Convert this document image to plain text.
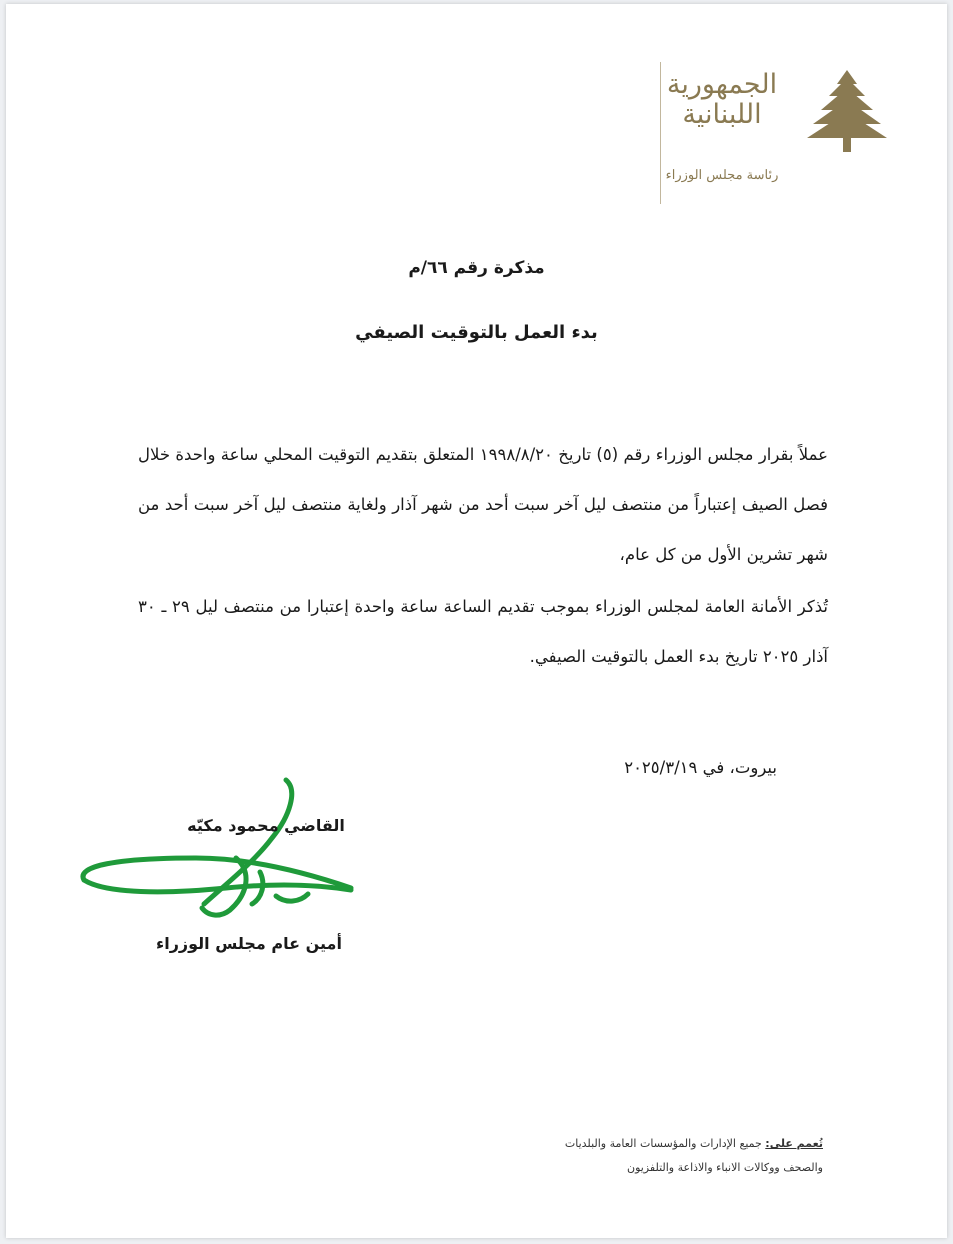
الجمهورية
اللبنانية
رئاسة مجلس الوزراء
مذكرة رقم ٦٦/م
بدء العمل بالتوقيت الصيفي
عملاً بقرار مجلس الوزراء رقم (٥) تاريخ ١٩٩٨/٨/٢٠ المتعلق بتقديم التوقيت المحلي ساعة واحدة خلال فصل الصيف إعتباراً من منتصف ليل آخر سبت أحد من شهر آذار ولغاية منتصف ليل آخر سبت أحد من شهر تشرين الأول من كل عام،
تُذكر الأمانة العامة لمجلس الوزراء بموجب تقديم الساعة ساعة واحدة إعتبارا من منتصف ليل ٢٩ ـ ٣٠ آذار ٢٠٢٥ تاريخ بدء العمل بالتوقيت الصيفي.
بيروت، في ٢٠٢٥/٣/١٩
القاضي محمود مكيّه
أمين عام مجلس الوزراء
تُعمم على: جميع الإدارات والمؤسسات العامة والبلديات
والصحف ووكالات الانباء والاذاعة والتلفزيون
